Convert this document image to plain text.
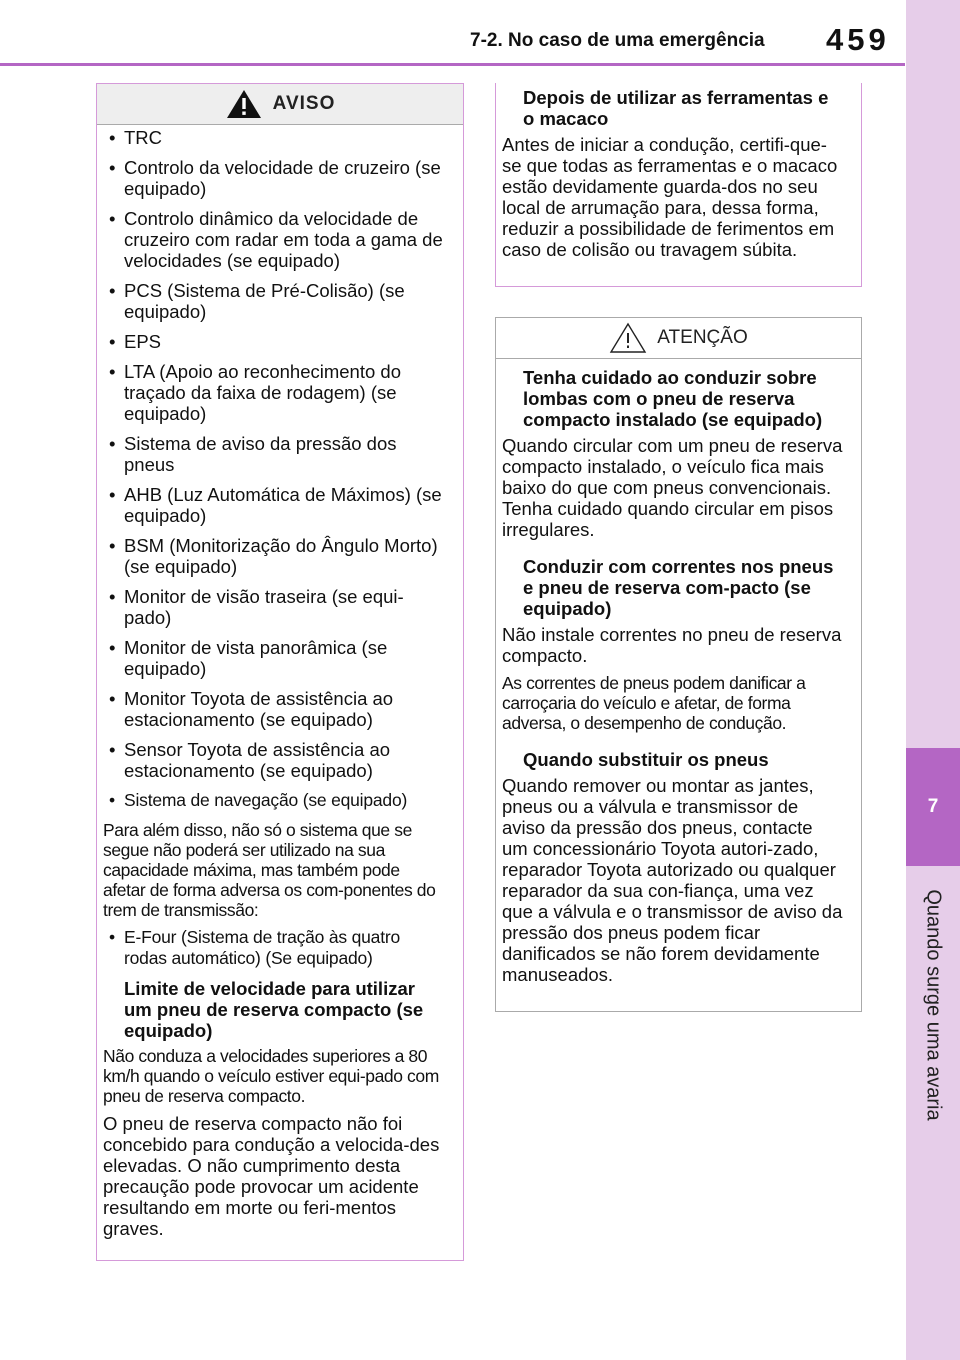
7-2. No caso de uma emergência	459
7
Quando surge uma avaria
AVISO
• TRC
• Controlo da velocidade de cruzeiro (se equipado)
• Controlo dinâmico da velocidade de cruzeiro com radar em toda a gama de velocidades (se equipado)
• PCS (Sistema de Pré-Colisão) (se equipado)
• EPS
• LTA (Apoio ao reconhecimento do traçado da faixa de rodagem) (se equipado)
• Sistema de aviso da pressão dos pneus
• AHB (Luz Automática de Máximos) (se equipado)
• BSM (Monitorização do Ângulo Morto) (se equipado)
• Monitor de visão traseira (se equi-pado)
• Monitor de vista panorâmica (se equipado)
• Monitor Toyota de assistência ao estacionamento (se equipado)
• Sensor Toyota de assistência ao estacionamento (se equipado)
• Sistema de navegação (se equipado)

Para além disso, não só o sistema que se segue não poderá ser utilizado na sua capacidade máxima, mas também pode afetar de forma adversa os com-ponentes do trem de transmissão:

• E-Four (Sistema de tração às quatro rodas automático) (Se equipado)
Limite de velocidade para utilizar um pneu de reserva compacto (se equipado)

Não conduza a velocidades superiores a 80 km/h quando o veículo estiver equi-pado com pneu de reserva compacto.

O pneu de reserva compacto não foi concebido para condução a velocida-des elevadas. O não cumprimento desta precaução pode provocar um acidente resultando em morte ou feri-mentos graves.

Depois de utilizar as ferramentas e o macaco

Antes de iniciar a condução, certifi-que-se que todas as ferramentas e o macaco estão devidamente guarda-dos no seu local de arrumação para, dessa forma, reduzir a possibilidade de ferimentos em caso de colisão ou travagem súbita.

ATENÇÃO
Tenha cuidado ao conduzir sobre lombas com o pneu de reserva compacto instalado (se equipado)

Quando circular com um pneu de reserva compacto instalado, o veículo fica mais baixo do que com pneus convencionais. Tenha cuidado quando circular em pisos irregulares.

Conduzir com correntes nos pneus e pneu de reserva com-pacto (se equipado)

Não instale correntes no pneu de reserva compacto.

As correntes de pneus podem danificar a carroçaria do veículo e afetar, de forma adversa, o desempenho de condução.

Quando substituir os pneus

Quando remover ou montar as jantes, pneus ou a válvula e transmissor de aviso da pressão dos pneus, contacte um concessionário Toyota autori-zado, reparador Toyota autorizado ou qualquer reparador da sua con-fiança, uma vez que a válvula e o transmissor de aviso da pressão dos pneus podem ficar danificados se não forem devidamente manuseados.
